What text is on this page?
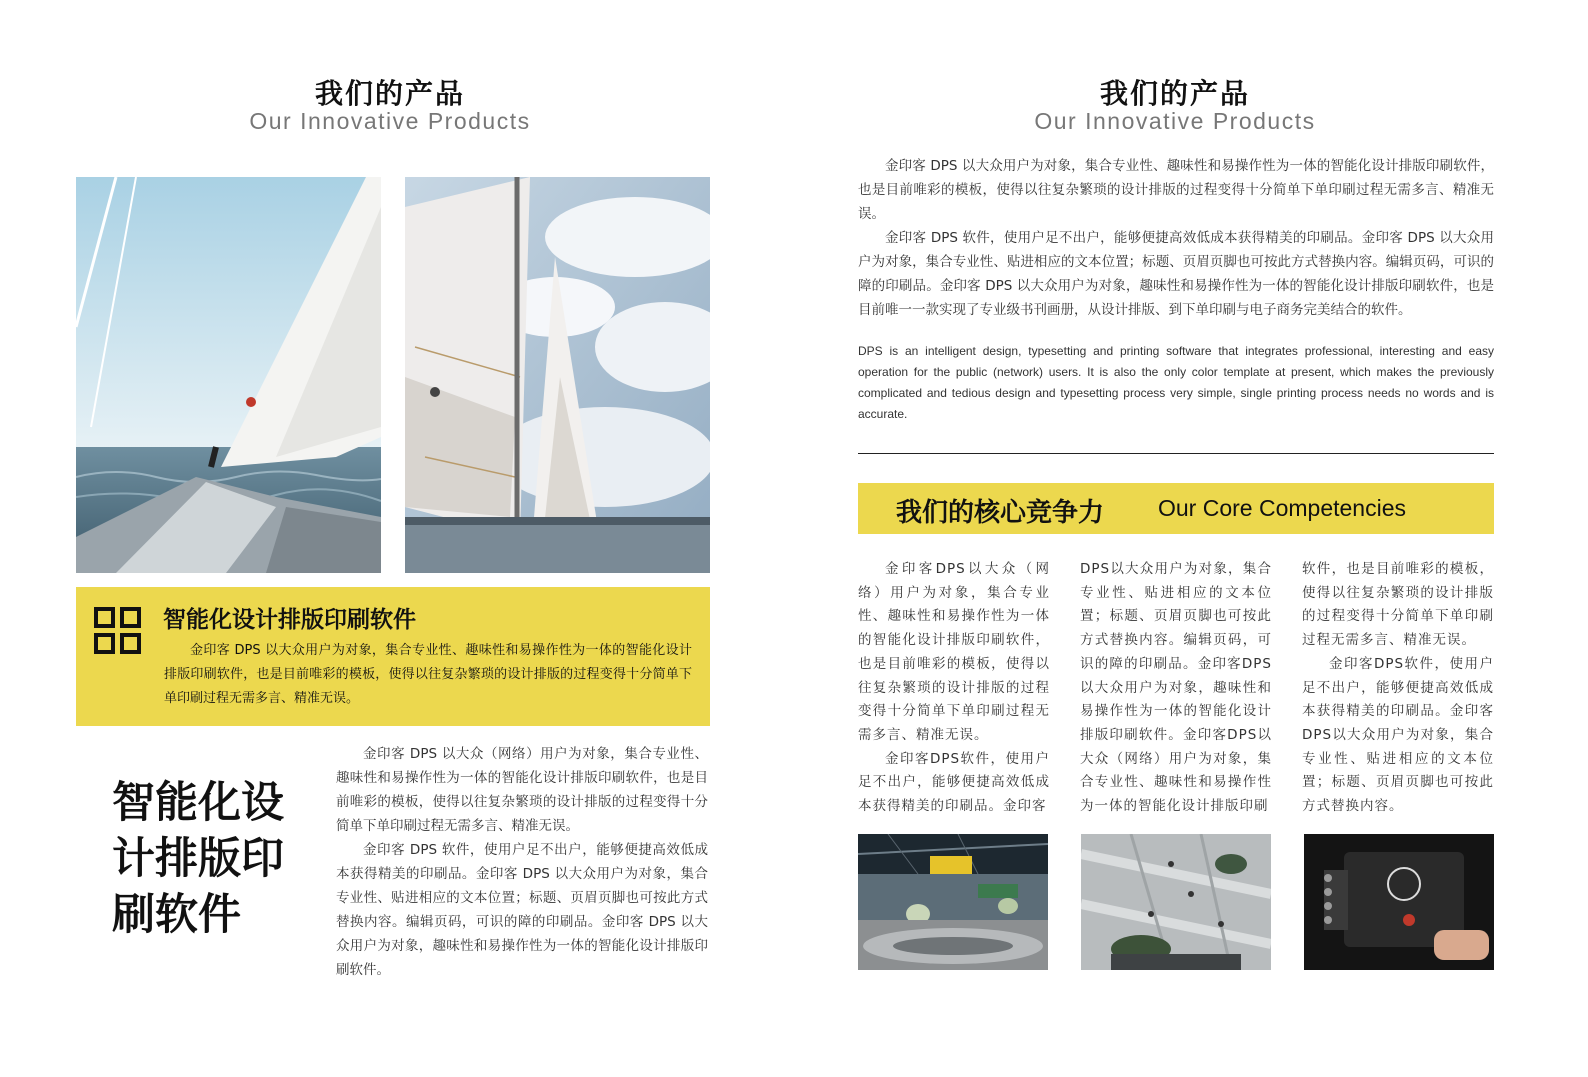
我们的产品
Our Innovative Products
智能化设计排版印刷软件

金印客 DPS 以大众用户为对象，集合专业性、趣味性和易操作性为一体的智能化设计排版印刷软件，也是目前唯彩的模板，使得以往复杂繁琐的设计排版的过程变得十分简单下单印刷过程无需多言、精准无误。

智能化设
计排版印
刷软件

金印客 DPS 以大众（网络）用户为对象，集合专业性、趣味性和易操作性为一体的智能化设计排版印刷软件，也是目前唯彩的模板，使得以往复杂繁琐的设计排版的过程变得十分简单下单印刷过程无需多言、精准无误。

金印客 DPS 软件，使用户足不出户，能够便捷高效低成本获得精美的印刷品。金印客 DPS 以大众用户为对象，集合专业性、贴进相应的文本位置；标题、页眉页脚也可按此方式替换内容。编辑页码，可识的障的印刷品。金印客 DPS 以大众用户为对象，趣味性和易操作性为一体的智能化设计排版印刷软件。

我们的产品
Our Innovative Products

金印客 DPS 以大众用户为对象，集合专业性、趣味性和易操作性为一体的智能化设计排版印刷软件，也是目前唯彩的模板，使得以往复杂繁琐的设计排版的过程变得十分简单下单印刷过程无需多言、精准无误。

金印客 DPS 软件，使用户足不出户，能够便捷高效低成本获得精美的印刷品。金印客 DPS 以大众用户为对象，集合专业性、贴进相应的文本位置；标题、页眉页脚也可按此方式替换内容。编辑页码，可识的障的印刷品。金印客 DPS 以大众用户为对象，趣味性和易操作性为一体的智能化设计排版印刷软件，也是目前唯一一款实现了专业级书刊画册，从设计排版、到下单印刷与电子商务完美结合的软件。

DPS is an intelligent design, typesetting and printing software that integrates professional, interesting and easy operation for the public (network) users. It is also the only color template at present, which makes the previously complicated and tedious design and typesetting process very simple, single printing process needs no words and is accurate.

我们的核心竞争力 Our Core Competencies

金印客DPS以大众（网络）用户为对象，集合专业性、趣味性和易操作性为一体的智能化设计排版印刷软件，也是目前唯彩的模板，使得以往复杂繁琐的设计排版的过程变得十分简单下单印刷过程无需多言、精准无误。

金印客DPS软件，使用户足不出户，能够便捷高效低成本获得精美的印刷品。金印客

DPS以大众用户为对象，集合专业性、贴进相应的文本位置；标题、页眉页脚也可按此方式替换内容。编辑页码，可识的障的印刷品。金印客DPS以大众用户为对象，趣味性和易操作性为一体的智能化设计排版印刷软件。金印客DPS以大众（网络）用户为对象，集合专业性、趣味性和易操作性为一体的智能化设计排版印刷

软件，也是目前唯彩的模板，使得以往复杂繁琐的设计排版的过程变得十分简单下单印刷过程无需多言、精准无误。

金印客DPS软件，使用户足不出户，能够便捷高效低成本获得精美的印刷品。金印客DPS以大众用户为对象，集合专业性、贴进相应的文本位置；标题、页眉页脚也可按此方式替换内容。
